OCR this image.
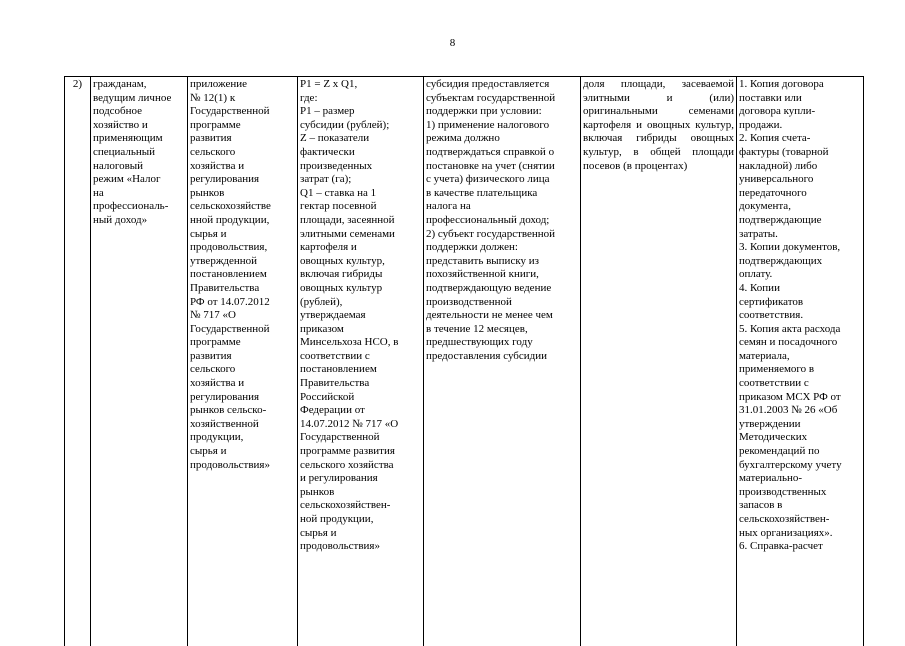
8
2)	гражданам,
ведущим личное
подсобное
хозяйство и
применяющим
специальный
налоговый
режим «Налог
на
профессиональ-
ный доход»

приложение
№ 12(1) к
Государственной
программе
развития
сельского
хозяйства и
регулирования
рынков
сельскохозяйстве
нной продукции,
сырья и
продовольствия,
утвержденной
постановлением
Правительства
РФ от 14.07.2012
№ 717 «О
Государственной
программе
развития
сельского
хозяйства и
регулирования
рынков сельско-
хозяйственной
продукции,
сырья и
продовольствия»

P1 = Z x Q1,
где:
P1 – размер
субсидии (рублей);
Z – показатели
фактически
произведенных
затрат (га);
Q1 – ставка на 1
гектар посевной
площади, засеянной
элитными семенами
картофеля и
овощных культур,
включая гибриды
овощных культур
(рублей),
утверждаемая
приказом
Минсельхоза НСО, в
соответствии с
постановлением
Правительства
Российской
Федерации от
14.07.2012 № 717 «О
Государственной
программе развития
сельского хозяйства
и регулирования
рынков
сельскохозяйствен-
ной продукции,
сырья и
продовольствия»

субсидия предоставляется
субъектам государственной
поддержки при условии:
1) применение налогового
режима должно
подтверждаться справкой о
постановке на учет (снятии
с учета) физического лица
в качестве плательщика
налога на
профессиональный доход;
2) субъект государственной
поддержки должен:
представить выписку из
похозяйственной книги,
подтверждающую ведение
производственной
деятельности не менее чем
в течение 12 месяцев,
предшествующих году
предоставления субсидии

доля площади, засеваемой элитными и (или) оригинальными семенами картофеля и овощных культур, включая гибриды овощных культур, в общей площади посевов (в процентах)

1. Копия договора
поставки или
договора купли-
продажи.
2. Копия счета-
фактуры (товарной
накладной) либо
универсального
передаточного
документа,
подтверждающие
затраты.
3. Копии документов,
подтверждающих
оплату.
4. Копии
сертификатов
соответствия.
5. Копия акта расхода
семян и посадочного
материала,
применяемого в
соответствии с
приказом МСХ РФ от
31.01.2003 № 26 «Об
утверждении
Методических
рекомендаций по
бухгалтерскому учету
материально-
производственных
запасов в
сельскохозяйствен-
ных организациях».
6. Справка-расчет
